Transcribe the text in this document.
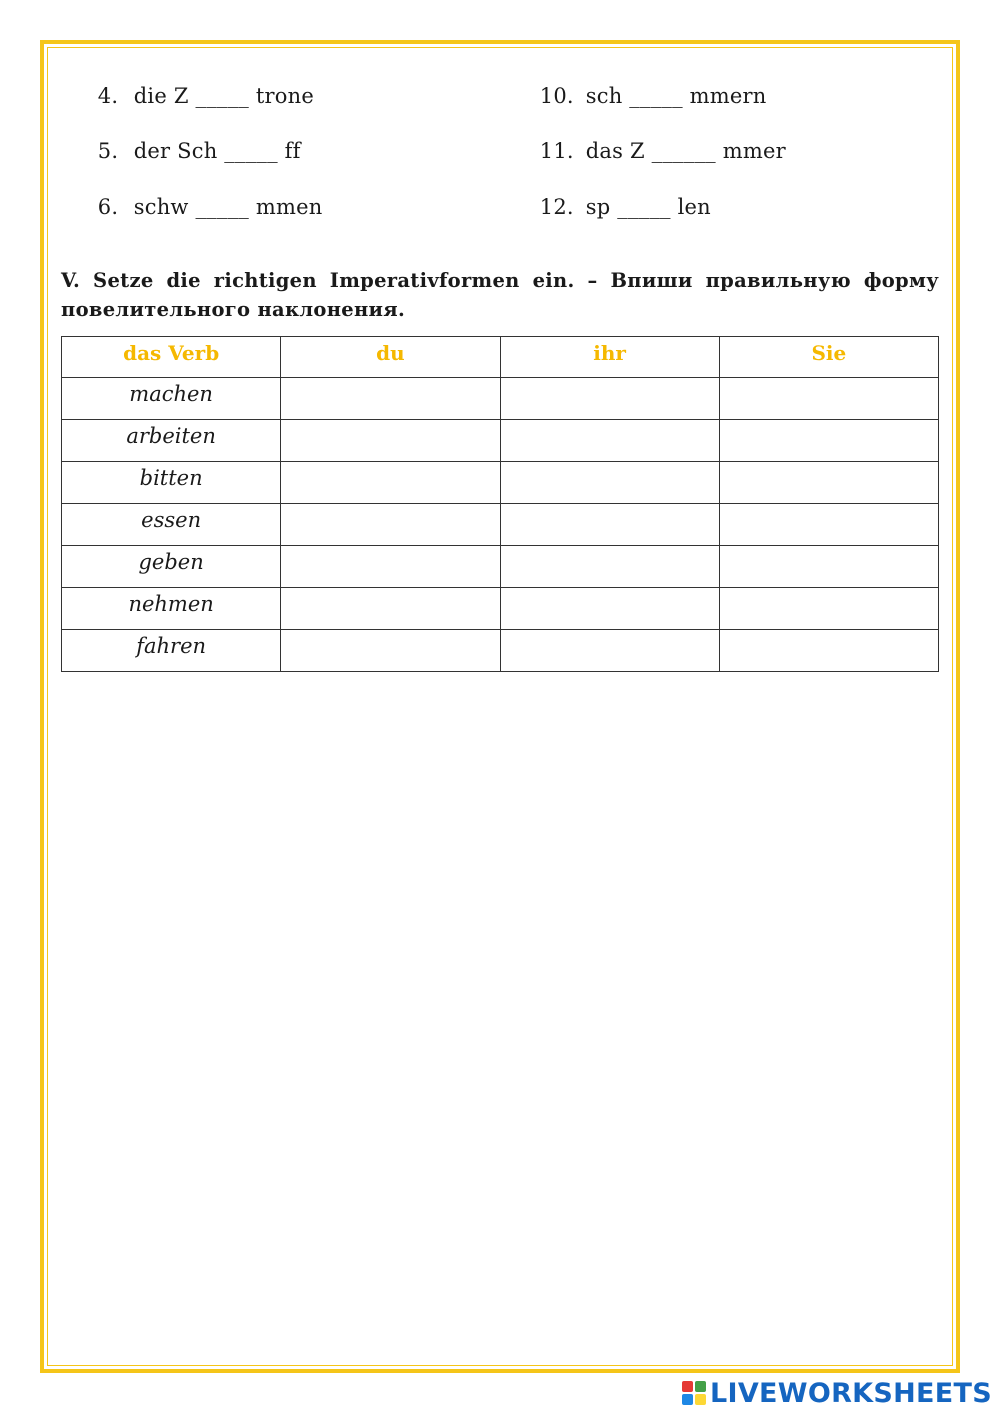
4. die Z _____ trone

5. der Sch _____ ff

6. schw _____ mmen

10. sch _____ mmern

11. das Z ______ mmer

12. sp _____ len

V. Setze die richtigen Imperativformen ein. – Впиши правильную форму повелительного наклонения.
das Verb	du	ihr	Sie
machen			
arbeiten			
bitten			
essen			
geben			
nehmen			
fahren			
LIVEWORKSHEETS
